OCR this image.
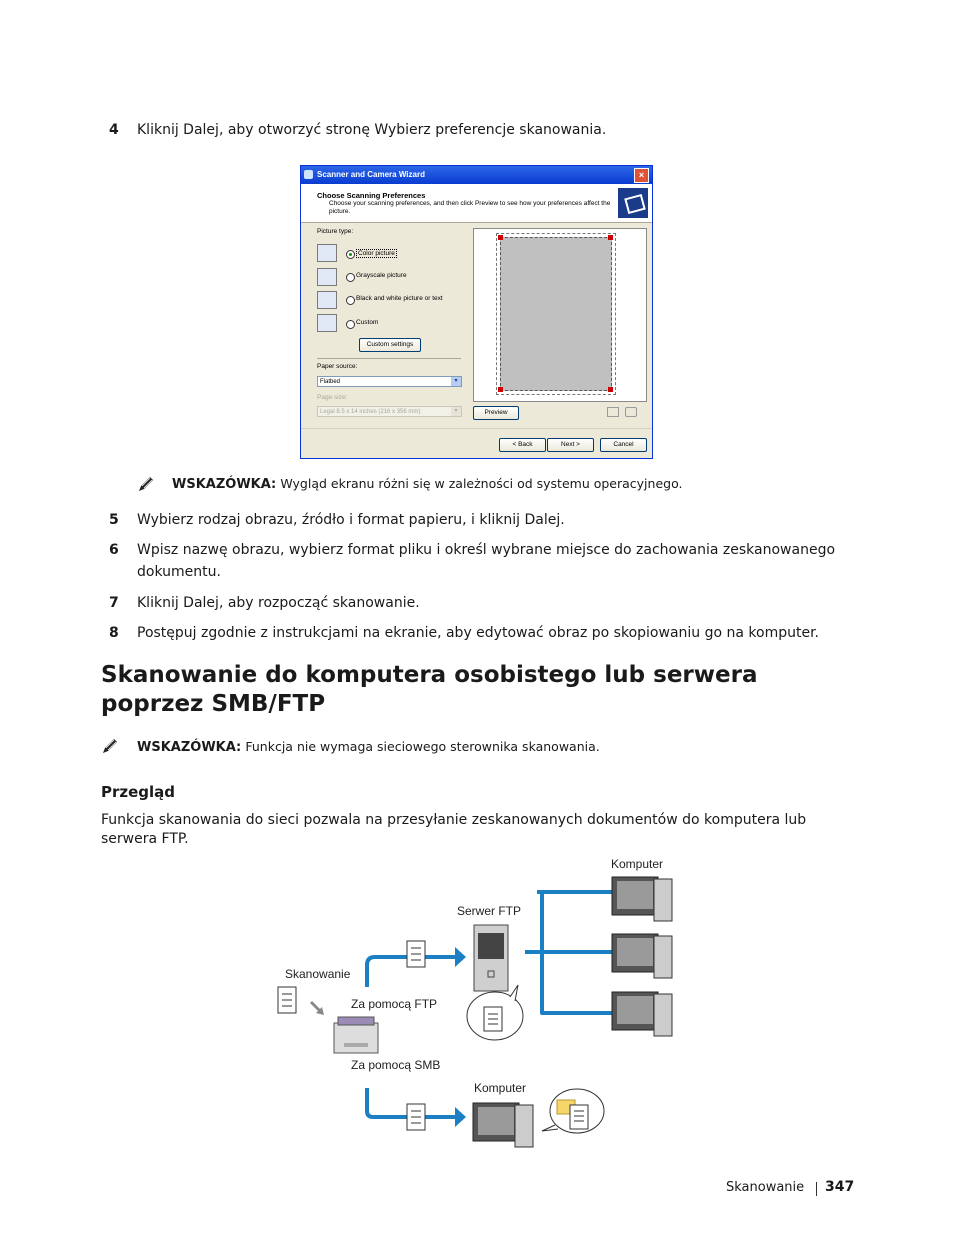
4 Kliknij Dalej, aby otworzyć stronę Wybierz preferencje skanowania.
Scanner and Camera Wizard	×
Choose Scanning Preferences
Choose your scanning preferences, and then click Preview to see how your preferences affect the picture.
Picture type:
Color picture
Grayscale picture
Black and white picture or text
Custom
Custom settings
Paper source:
Flatbed	▾
Page size:
Legal 8.5 x 14 inches (216 x 356 mm)	▾	Preview
< Back	Next >	Cancel
WSKAZÓWKA: Wygląd ekranu różni się w zależności od systemu operacyjnego.
5 Wybierz rodzaj obrazu, źródło i format papieru, i kliknij Dalej.
6 Wpisz nazwę obrazu, wybierz format pliku i określ wybrane miejsce do zachowania zeskanowanego dokumentu.
7 Kliknij Dalej, aby rozpocząć skanowanie.
8 Postępuj zgodnie z instrukcjami na ekranie, aby edytować obraz po skopiowaniu go na komputer.
Skanowanie do komputera osobistego lub serwera poprzez SMB/FTP
WSKAZÓWKA: Funkcja nie wymaga sieciowego sterownika skanowania.
Przegląd
Funkcja skanowania do sieci pozwala na przesyłanie zeskanowanych dokumentów do komputera lub serwera FTP.
Komputer
Serwer FTP
Skanowanie
Za pomocą FTP
Za pomocą SMB
Komputer
Skanowanie 347
